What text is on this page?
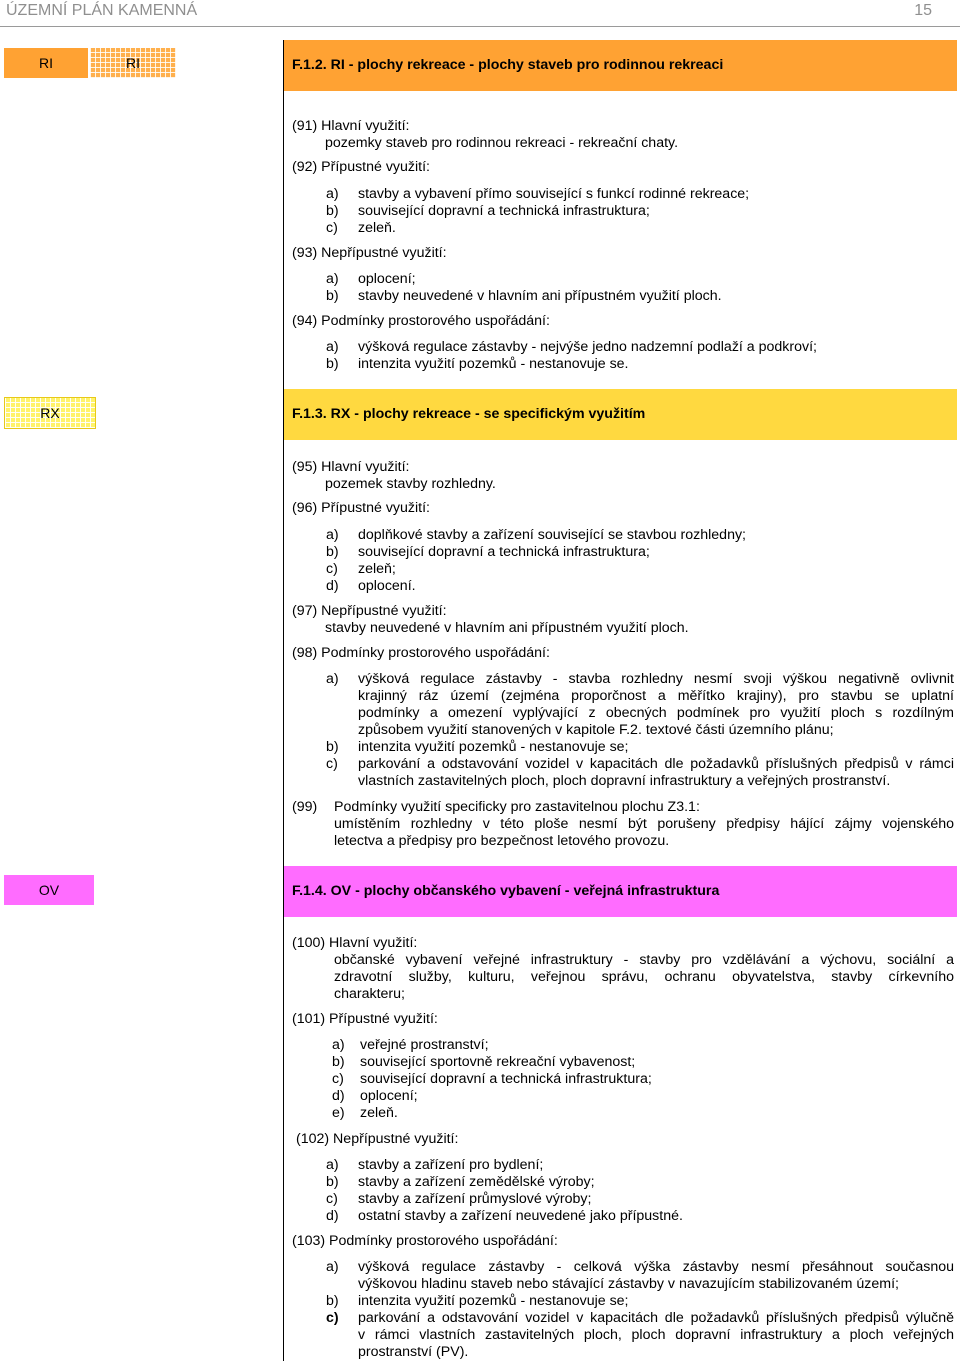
ÚZEMNÍ PLÁN KAMENNÁ	15
RI	RI	F.1.2. RI - plochy rekreace - plochy staveb pro rodinnou rekreaci
(91) Hlavní využití:
pozemky staveb pro rodinnou rekreaci - rekreační chaty.
(92) Přípustné využití:
a) stavby a vybavení přímo související s funkcí rodinné rekreace;
b) související dopravní a technická infrastruktura;
c) zeleň.
(93) Nepřípustné využití:
a) oplocení;
b) stavby neuvedené v hlavním ani přípustném využití ploch.
(94) Podmínky prostorového uspořádání:
a) výšková regulace zástavby - nejvýše jedno nadzemní podlaží a podkroví;
b) intenzita využití pozemků - nestanovuje se.
RX	F.1.3. RX - plochy rekreace - se specifickým využitím
(95) Hlavní využití:
pozemek stavby rozhledny.
(96) Přípustné využití:
a) doplňkové stavby a zařízení související se stavbou rozhledny;
b) související dopravní a technická infrastruktura;
c) zeleň;
d) oplocení.
(97) Nepřípustné využití:
stavby neuvedené v hlavním ani přípustném využití ploch.
(98) Podmínky prostorového uspořádání:
a) výšková regulace zástavby - stavba rozhledny nesmí svoji výškou negativně ovlivnit
krajinný ráz území (zejména proporčnost a měřítko krajiny), pro stavbu se uplatní
podmínky a omezení vyplývající z obecných podmínek pro využití ploch s rozdílným
způsobem využití stanovených v kapitole F.2. textové části územního plánu;
b) intenzita využití pozemků - nestanovuje se;
c) parkování a odstavování vozidel v kapacitách dle požadavků příslušných předpisů v rámci
vlastních zastavitelných ploch, ploch dopravní infrastruktury a veřejných prostranství.
(99) Podmínky využití specificky pro zastavitelnou plochu Z3.1:
umístěním rozhledny v této ploše nesmí být porušeny předpisy hájící zájmy vojenského
letectva a předpisy pro bezpečnost letového provozu.
OV	F.1.4. OV - plochy občanského vybavení - veřejná infrastruktura
(100) Hlavní využití:
občanské vybavení veřejné infrastruktury - stavby pro vzdělávání a výchovu, sociální a
zdravotní služby, kulturu, veřejnou správu, ochranu obyvatelstva, stavby církevního
charakteru;
(101) Přípustné využití:
a) veřejné prostranství;
b) související sportovně rekreační vybavenost;
c) související dopravní a technická infrastruktura;
d) oplocení;
e) zeleň.
(102) Nepřípustné využití:
a) stavby a zařízení pro bydlení;
b) stavby a zařízení zemědělské výroby;
c) stavby a zařízení průmyslové výroby;
d) ostatní stavby a zařízení neuvedené jako přípustné.
(103) Podmínky prostorového uspořádání:
a) výšková regulace zástavby - celková výška zástavby nesmí přesáhnout současnou
výškovou hladinu staveb nebo stávající zástavby v navazujícím stabilizovaném území;
b) intenzita využití pozemků - nestanovuje se;
c) parkování a odstavování vozidel v kapacitách dle požadavků příslušných předpisů výlučně
v rámci vlastních zastavitelných ploch, ploch dopravní infrastruktury a ploch veřejných
prostranství (PV).
